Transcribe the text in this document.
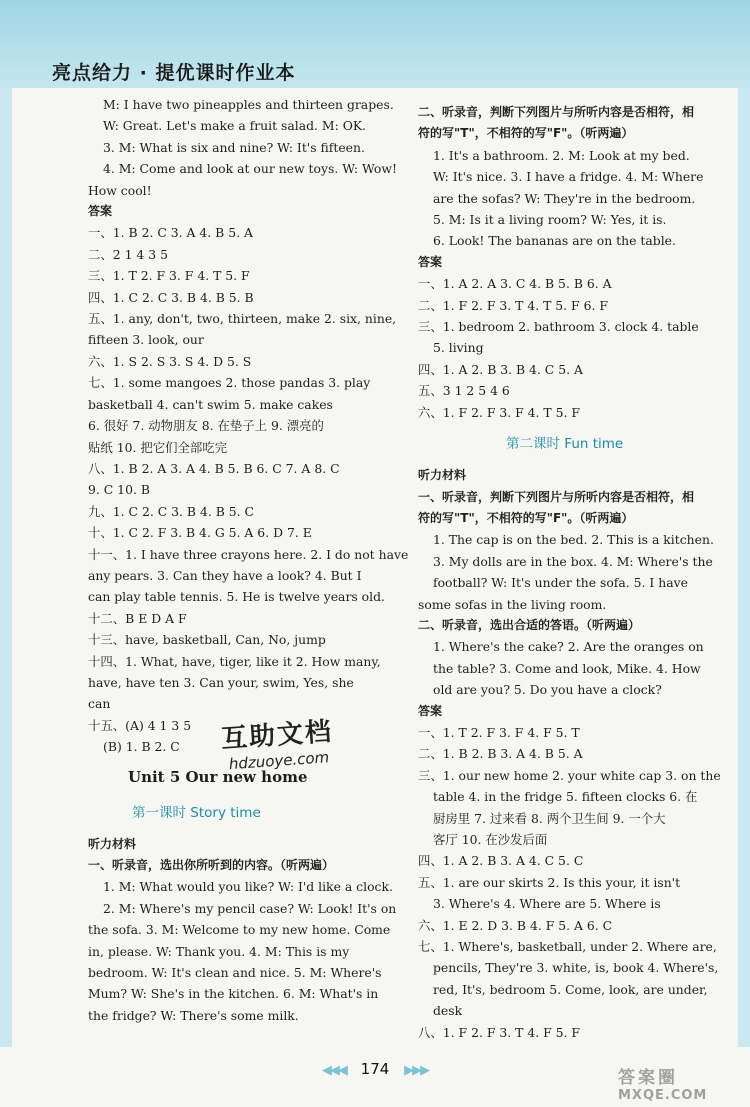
亮点给力 · 提优课时作业本
M: I have two pineapples and thirteen grapes.
W: Great. Let's make a fruit salad. M: OK.
3. M: What is six and nine? W: It's fifteen.
4. M: Come and look at our new toys. W: Wow!
How cool!
答案
一、1. B 2. C 3. A 4. B 5. A
二、2 1 4 3 5
三、1. T 2. F 3. F 4. T 5. F
四、1. C 2. C 3. B 4. B 5. B
五、1. any, don't, two, thirteen, make 2. six, nine,
fifteen 3. look, our
六、1. S 2. S 3. S 4. D 5. S
七、1. some mangoes 2. those pandas 3. play
basketball 4. can't swim 5. make cakes
6. 很好 7. 动物朋友 8. 在垫子上 9. 漂亮的
贴纸 10. 把它们全部吃完
八、1. B 2. A 3. A 4. B 5. B 6. C 7. A 8. C
9. C 10. B
九、1. C 2. C 3. B 4. B 5. C
十、1. C 2. F 3. B 4. G 5. A 6. D 7. E
十一、1. I have three crayons here. 2. I do not have
any pears. 3. Can they have a look? 4. But I
can play table tennis. 5. He is twelve years old.
十二、B E D A F
十三、have, basketball, Can, No, jump
十四、1. What, have, tiger, like it 2. How many,
have, have ten 3. Can your, swim, Yes, she
can
十五、(A) 4 1 3 5
(B) 1. B 2. C
Unit 5 Our new home
第一课时 Story time
听力材料
一、听录音，选出你所听到的内容。（听两遍）
1. M: What would you like? W: I'd like a clock.
2. M: Where's my pencil case? W: Look! It's on
the sofa. 3. M: Welcome to my new home. Come
in, please. W: Thank you. 4. M: This is my
bedroom. W: It's clean and nice. 5. M: Where's
Mum? W: She's in the kitchen. 6. M: What's in
the fridge? W: There's some milk.
二、听录音，判断下列图片与所听内容是否相符，相
符的写"T"，不相符的写"F"。（听两遍）
1. It's a bathroom. 2. M: Look at my bed.
W: It's nice. 3. I have a fridge. 4. M: Where
are the sofas? W: They're in the bedroom.
5. M: Is it a living room? W: Yes, it is.
6. Look! The bananas are on the table.
答案
一、1. A 2. A 3. C 4. B 5. B 6. A
二、1. F 2. F 3. T 4. T 5. F 6. F
三、1. bedroom 2. bathroom 3. clock 4. table
5. living
四、1. A 2. B 3. B 4. C 5. A
五、3 1 2 5 4 6
六、1. F 2. F 3. F 4. T 5. F
第二课时 Fun time
听力材料
一、听录音，判断下列图片与所听内容是否相符，相
符的写"T"，不相符的写"F"。（听两遍）
1. The cap is on the bed. 2. This is a kitchen.
3. My dolls are in the box. 4. M: Where's the
football? W: It's under the sofa. 5. I have
some sofas in the living room.
二、听录音，选出合适的答语。（听两遍）
1. Where's the cake? 2. Are the oranges on
the table? 3. Come and look, Mike. 4. How
old are you? 5. Do you have a clock?
答案
一、1. T 2. F 3. F 4. F 5. T
二、1. B 2. B 3. A 4. B 5. A
三、1. our new home 2. your white cap 3. on the
table 4. in the fridge 5. fifteen clocks 6. 在
厨房里 7. 过来看 8. 两个卫生间 9. 一个大
客厅 10. 在沙发后面
四、1. A 2. B 3. A 4. C 5. C
五、1. are our skirts 2. Is this your, it isn't
3. Where's 4. Where are 5. Where is
六、1. E 2. D 3. B 4. F 5. A 6. C
七、1. Where's, basketball, under 2. Where are,
pencils, They're 3. white, is, book 4. Where's,
red, It's, bedroom 5. Come, look, are under,
desk
八、1. F 2. F 3. T 4. F 5. F
互助文档
hdzuoye.com
◀◀◀ 174 ▶▶▶	答案圈
MXQE.COM
